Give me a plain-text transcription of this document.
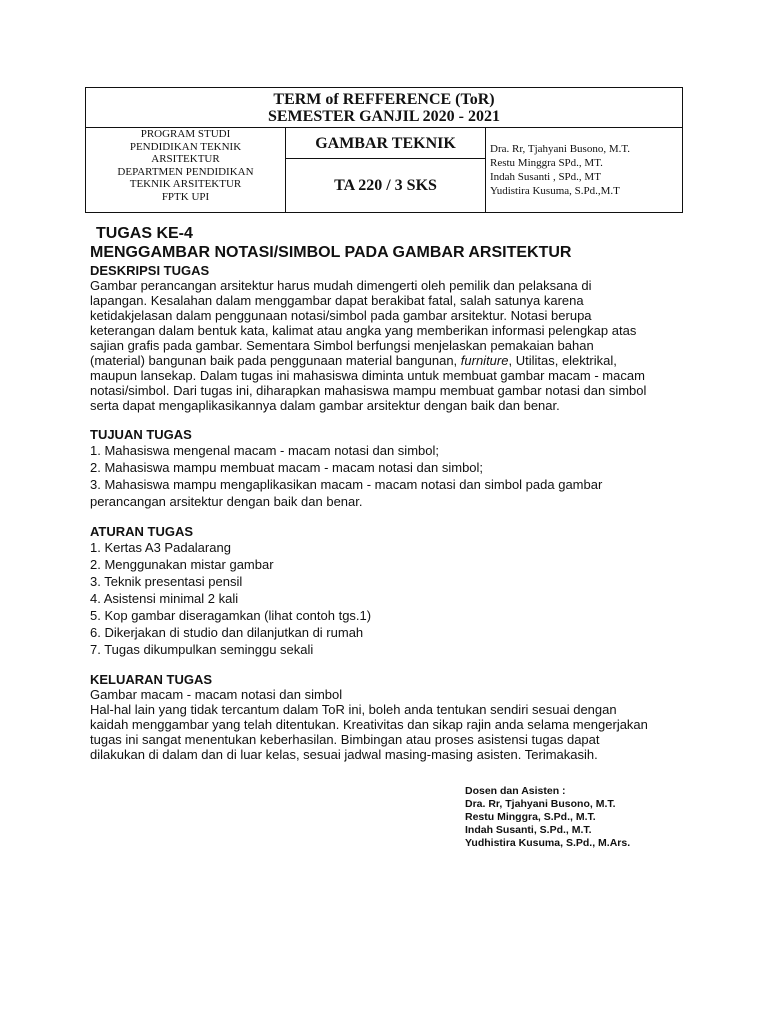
TERM of REFFERENCE (ToR)
SEMESTER GANJIL 2020 - 2021
PROGRAM STUDI
PENDIDIKAN TEKNIK
ARSITEKTUR
DEPARTMEN PENDIDIKAN
TEKNIK ARSITEKTUR
FPTK UPI
GAMBAR TEKNIK
TA 220 / 3 SKS
Dra. Rr, Tjahyani Busono, M.T.
Restu Minggra SPd., MT.
Indah Susanti , SPd., MT
Yudistira Kusuma, S.Pd.,M.T
TUGAS KE-4
MENGGAMBAR NOTASI/SIMBOL PADA GAMBAR ARSITEKTUR
DESKRIPSI TUGAS
Gambar perancangan arsitektur harus mudah dimengerti oleh pemilik dan pelaksana di
lapangan. Kesalahan dalam menggambar dapat berakibat fatal, salah satunya karena
ketidakjelasan dalam penggunaan notasi/simbol pada gambar arsitektur. Notasi berupa
keterangan dalam bentuk kata, kalimat atau angka yang memberikan informasi pelengkap atas
sajian grafis pada gambar. Sementara Simbol berfungsi menjelaskan pemakaian bahan
(material) bangunan baik pada penggunaan material bangunan, furniture, Utilitas, elektrikal,
maupun lansekap. Dalam tugas ini mahasiswa diminta untuk membuat gambar macam - macam
notasi/simbol. Dari tugas ini, diharapkan mahasiswa mampu membuat gambar notasi dan simbol
serta dapat mengaplikasikannya dalam gambar arsitektur dengan baik dan benar.
TUJUAN TUGAS
1. Mahasiswa mengenal macam - macam notasi dan simbol;
2. Mahasiswa mampu membuat macam - macam notasi dan simbol;
3. Mahasiswa mampu mengaplikasikan macam - macam notasi dan simbol pada gambar
perancangan arsitektur dengan baik dan benar.
ATURAN TUGAS
1. Kertas A3 Padalarang
2. Menggunakan mistar gambar
3. Teknik presentasi pensil
4. Asistensi minimal 2 kali
5. Kop gambar diseragamkan (lihat contoh tgs.1)
6. Dikerjakan di studio dan dilanjutkan di rumah
7. Tugas dikumpulkan seminggu sekali
KELUARAN TUGAS
Gambar macam - macam notasi dan simbol
Hal-hal lain yang tidak tercantum dalam ToR ini, boleh anda tentukan sendiri sesuai dengan
kaidah menggambar yang telah ditentukan. Kreativitas dan sikap rajin anda selama mengerjakan
tugas ini sangat menentukan keberhasilan. Bimbingan atau proses asistensi tugas dapat
dilakukan di dalam dan di luar kelas, sesuai jadwal masing-masing asisten. Terimakasih.
Dosen dan Asisten :
Dra. Rr, Tjahyani Busono, M.T.
Restu Minggra, S.Pd., M.T.
Indah Susanti, S.Pd., M.T.
Yudhistira Kusuma, S.Pd., M.Ars.
